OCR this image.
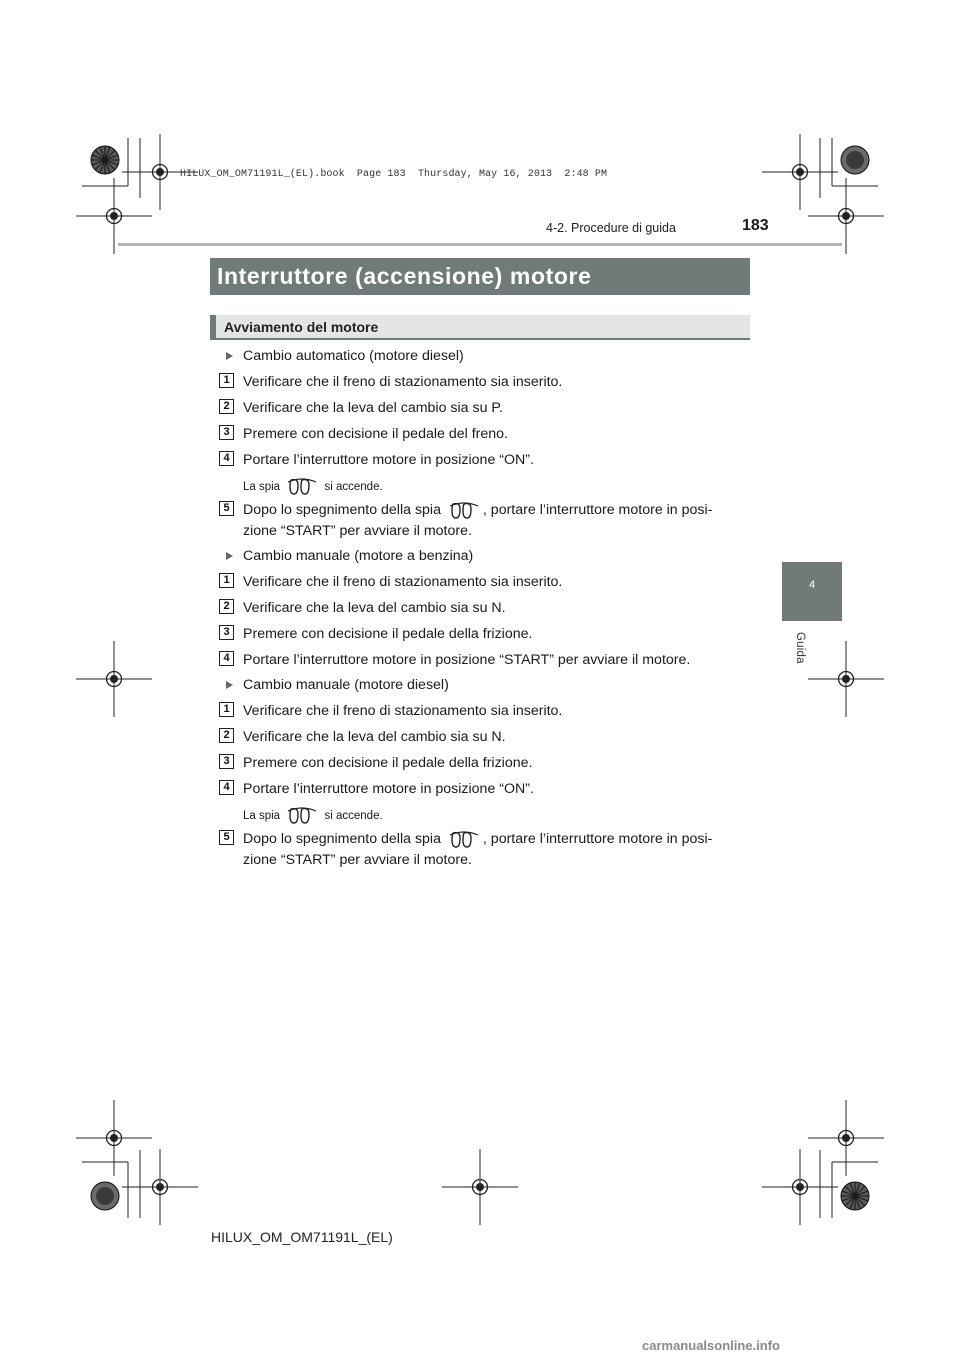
HILUX_OM_OM71191L_(EL).book  Page 183  Thursday, May 16, 2013  2:48 PM
4-2. Procedure di guida	183
4
Guida
Interruttore (accensione) motore
Avviamento del motore
Cambio automatico (motore diesel)
1 Verificare che il freno di stazionamento sia inserito.
2 Verificare che la leva del cambio sia su P.
3 Premere con decisione il pedale del freno.
4 Portare l’interruttore motore in posizione “ON”.
La spia	si accende.
5 Dopo lo spegnimento della spia	, portare l’interruttore motore in posi-
zione “START” per avviare il motore.
Cambio manuale (motore a benzina)
1 Verificare che il freno di stazionamento sia inserito.
2 Verificare che la leva del cambio sia su N.
3 Premere con decisione il pedale della frizione.
4 Portare l’interruttore motore in posizione “START” per avviare il motore.
Cambio manuale (motore diesel)
1 Verificare che il freno di stazionamento sia inserito.
2 Verificare che la leva del cambio sia su N.
3 Premere con decisione il pedale della frizione.
4 Portare l’interruttore motore in posizione “ON”.
La spia	si accende.
5 Dopo lo spegnimento della spia	, portare l’interruttore motore in posi-
zione “START” per avviare il motore.
HILUX_OM_OM71191L_(EL)
carmanualsonline.info
